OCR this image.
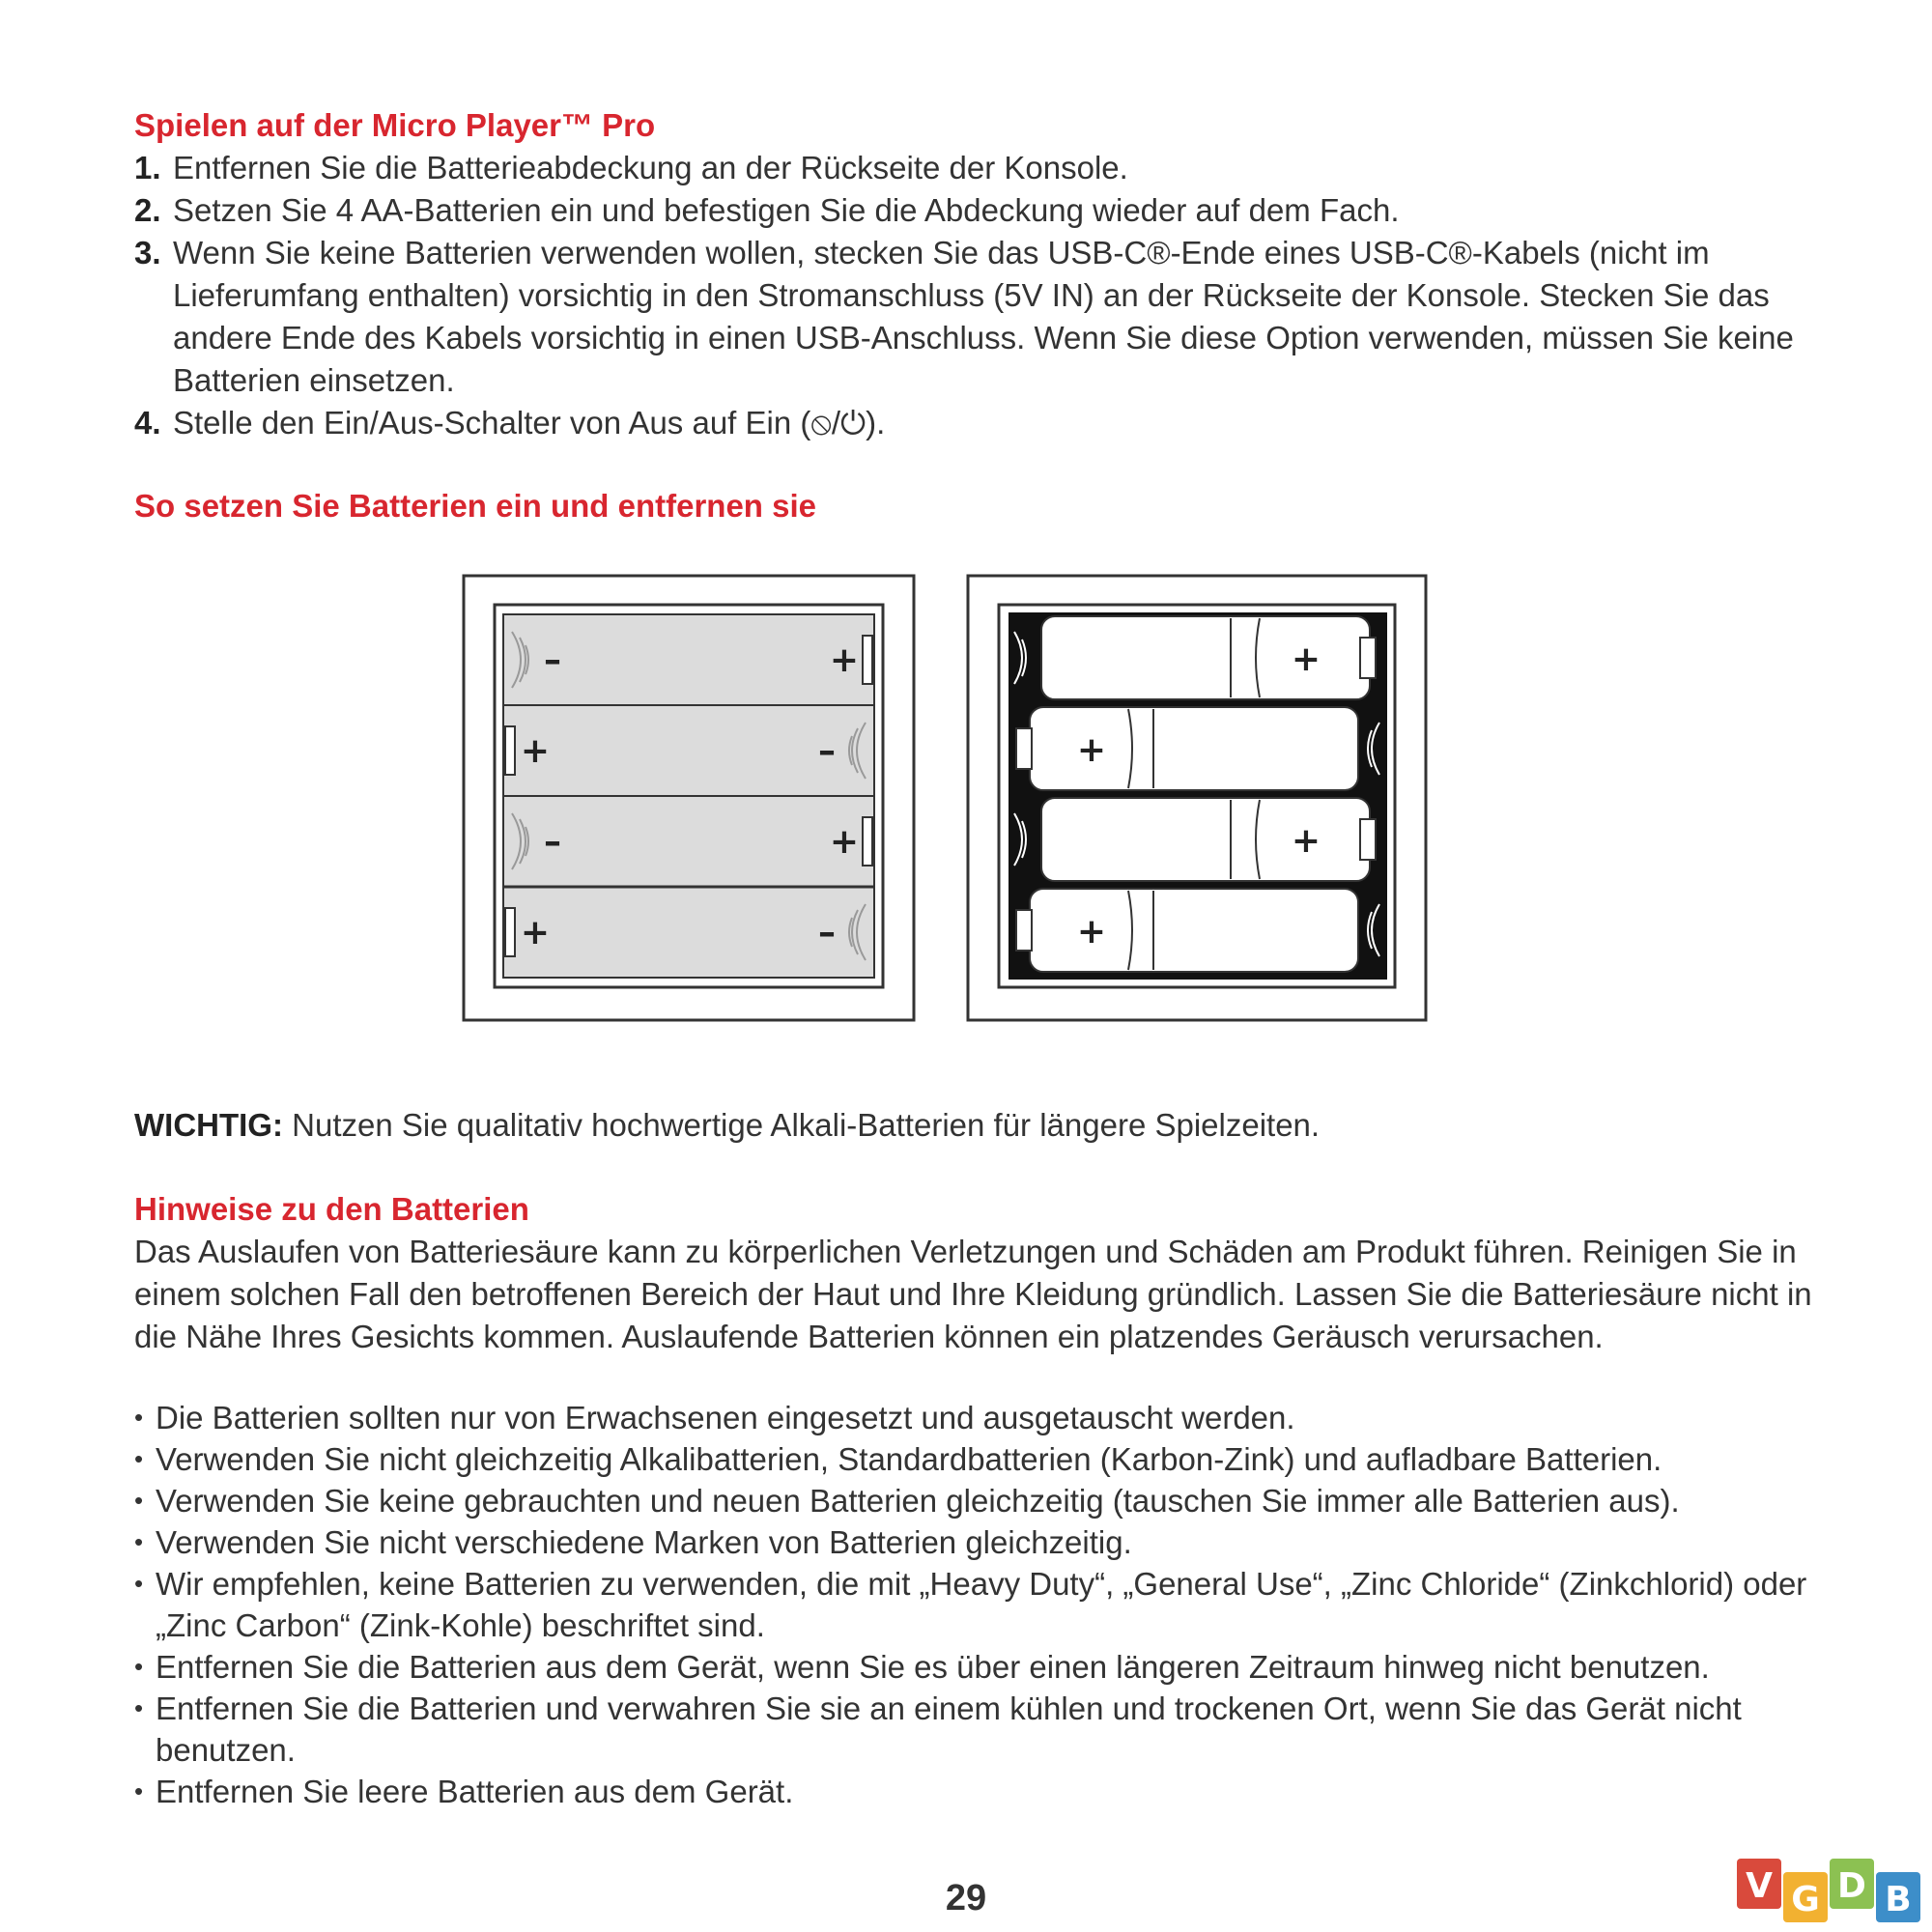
Spielen auf der Micro Player™ Pro
1. Entfernen Sie die Batterieabdeckung an der Rückseite der Konsole.
2. Setzen Sie 4 AA-Batterien ein und befestigen Sie die Abdeckung wieder auf dem Fach.
3. Wenn Sie keine Batterien verwenden wollen, stecken Sie das USB-C®-Ende eines USB-C®-Kabels (nicht im Lieferumfang enthalten) vorsichtig in den Stromanschluss (5V IN) an der Rückseite der Konsole. Stecken Sie das andere Ende des Kabels vorsichtig in einen USB-Anschluss. Wenn Sie diese Option verwenden, müssen Sie keine Batterien einsetzen.
4. Stelle den Ein/Aus-Schalter von Aus auf Ein (⦸/⏻).
So setzen Sie Batterien ein und entfernen sie

WICHTIG: Nutzen Sie qualitativ hochwertige Alkali-Batterien für längere Spielzeiten.

Hinweise zu den Batterien

Das Auslaufen von Batteriesäure kann zu körperlichen Verletzungen und Schäden am Produkt führen. Reinigen Sie in einem solchen Fall den betroffenen Bereich der Haut und Ihre Kleidung gründlich. Lassen Sie die Batteriesäure nicht in die Nähe Ihres Gesichts kommen. Auslaufende Batterien können ein platzendes Geräusch verursachen.

• Die Batterien sollten nur von Erwachsenen eingesetzt und ausgetauscht werden.
• Verwenden Sie nicht gleichzeitig Alkalibatterien, Standardbatterien (Karbon-Zink) und aufladbare Batterien.
• Verwenden Sie keine gebrauchten und neuen Batterien gleichzeitig (tauschen Sie immer alle Batterien aus).
• Verwenden Sie nicht verschiedene Marken von Batterien gleichzeitig.
• Wir empfehlen, keine Batterien zu verwenden, die mit „Heavy Duty“, „General Use“, „Zinc Chloride“ (Zinkchlorid) oder „Zinc Carbon“ (Zink-Kohle) beschriftet sind.
• Entfernen Sie die Batterien aus dem Gerät, wenn Sie es über einen längeren Zeitraum hinweg nicht benutzen.
• Entfernen Sie die Batterien und verwahren Sie sie an einem kühlen und trockenen Ort, wenn Sie das Gerät nicht benutzen.
• Entfernen Sie leere Batterien aus dem Gerät.
–	+
+	–
–	+
+	–
+
+
+
+
29	V G D B
